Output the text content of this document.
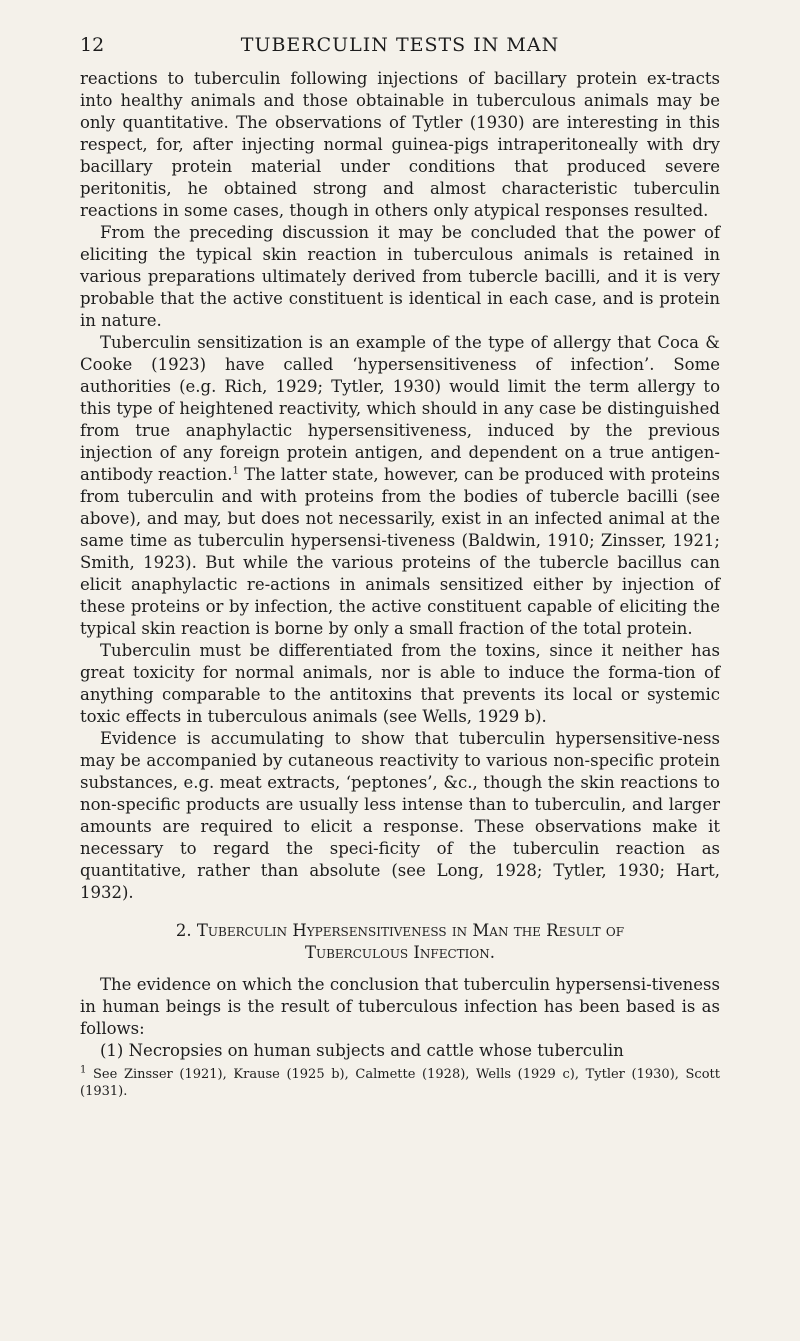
12	TUBERCULIN TESTS IN MAN

reactions to tuberculin following injections of bacillary protein ex-tracts into healthy animals and those obtainable in tuberculous animals may be only quantitative. The observations of Tytler (1930) are interesting in this respect, for, after injecting normal guinea-pigs intraperitoneally with dry bacillary protein material under conditions that produced severe peritonitis, he obtained strong and almost characteristic tuberculin reactions in some cases, though in others only atypical responses resulted.

From the preceding discussion it may be concluded that the power of eliciting the typical skin reaction in tuberculous animals is retained in various preparations ultimately derived from tubercle bacilli, and it is very probable that the active constituent is identical in each case, and is protein in nature.

Tuberculin sensitization is an example of the type of allergy that Coca & Cooke (1923) have called ‘hypersensitiveness of infection’. Some authorities (e.g. Rich, 1929; Tytler, 1930) would limit the term allergy to this type of heightened reactivity, which should in any case be distinguished from true anaphylactic hypersensitiveness, induced by the previous injection of any foreign protein antigen, and dependent on a true antigen-antibody reaction.$^1$ The latter state, however, can be produced with proteins from tuberculin and with proteins from the bodies of tubercle bacilli (see above), and may, but does not necessarily, exist in an infected animal at the same time as tuberculin hypersensi-tiveness (Baldwin, 1910; Zinsser, 1921; Smith, 1923). But while the various proteins of the tubercle bacillus can elicit anaphylactic re-actions in animals sensitized either by injection of these proteins or by infection, the active constituent capable of eliciting the typical skin reaction is borne by only a small fraction of the total protein.

Tuberculin must be differentiated from the toxins, since it neither has great toxicity for normal animals, nor is able to induce the forma-tion of anything comparable to the antitoxins that prevents its local or systemic toxic effects in tuberculous animals (see Wells, 1929 b).

Evidence is accumulating to show that tuberculin hypersensitive-ness may be accompanied by cutaneous reactivity to various non-specific protein substances, e.g. meat extracts, ‘peptones’, &c., though the skin reactions to non-specific products are usually less intense than to tuberculin, and larger amounts are required to elicit a response. These observations make it necessary to regard the speci-ficity of the tuberculin reaction as quantitative, rather than absolute (see Long, 1928; Tytler, 1930; Hart, 1932).

2. Tuberculin Hypersensitiveness in Man the Result of
Tuberculous Infection.

The evidence on which the conclusion that tuberculin hypersensi-tiveness in human beings is the result of tuberculous infection has been based is as follows:

(1) Necropsies on human subjects and cattle whose tuberculin

$^1$ See Zinsser (1921), Krause (1925 b), Calmette (1928), Wells (1929 c), Tytler (1930), Scott (1931).
